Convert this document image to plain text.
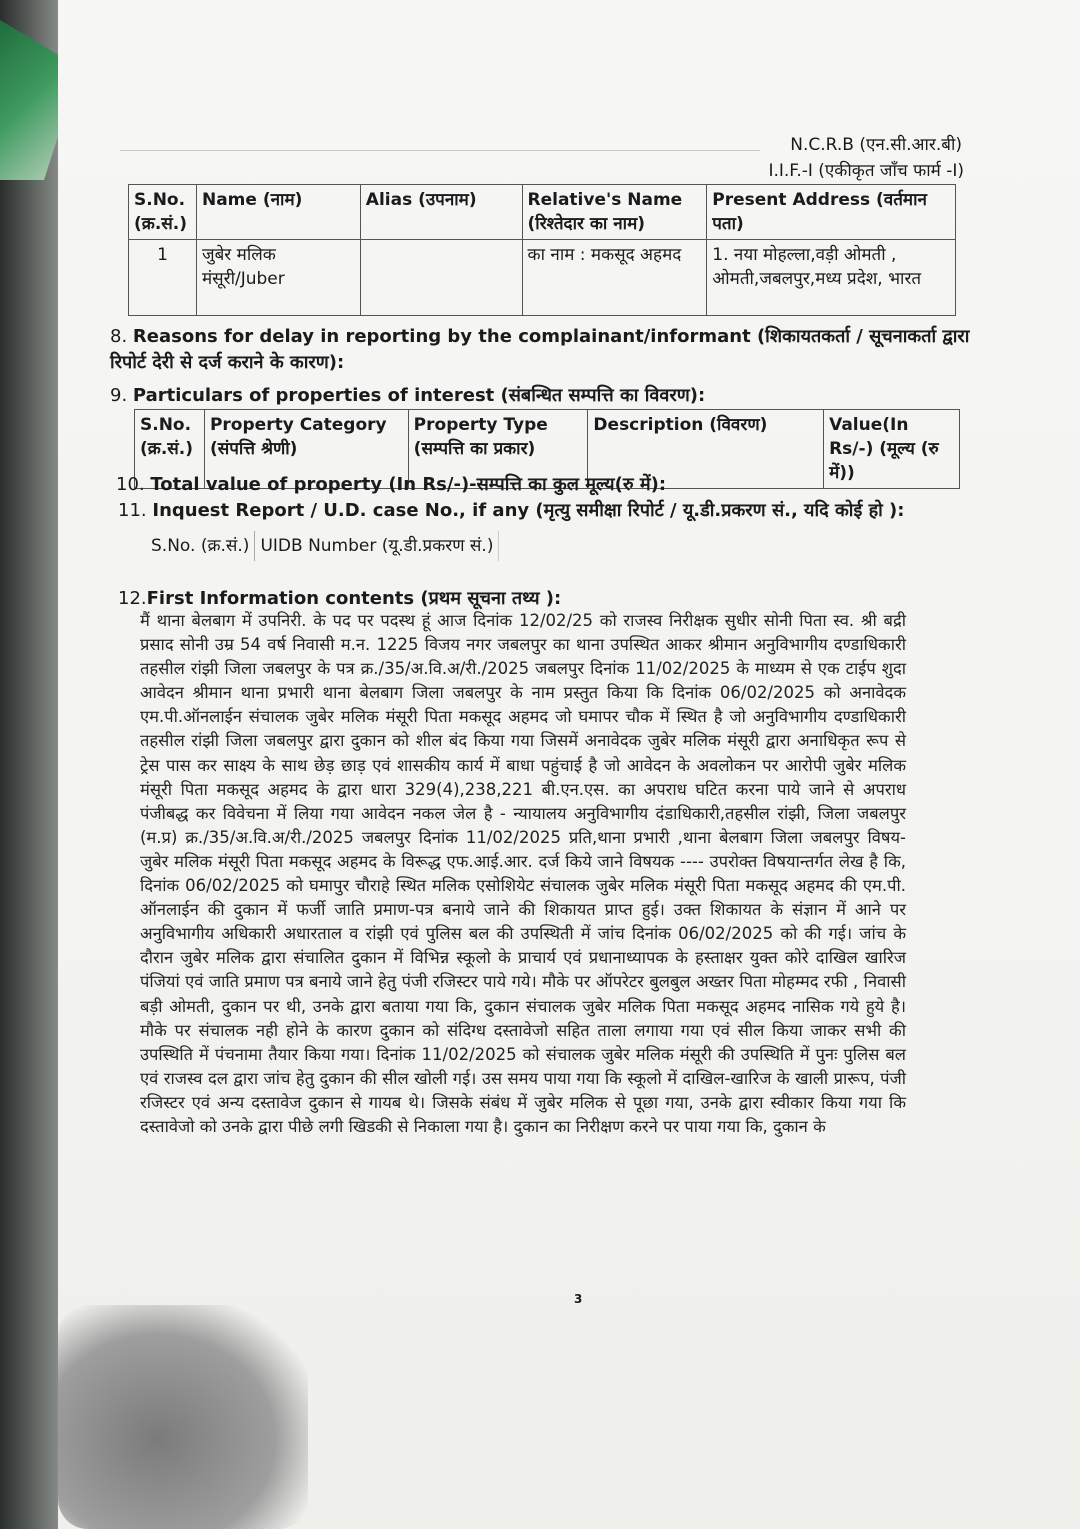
N.C.R.B (एन.सी.आर.बी)
I.I.F.-I (एकीकृत जाँच फार्म -I)
S.No. (क्र.सं.)	Name (नाम)	Alias (उपनाम)	Relative's Name (रिश्तेदार का नाम)	Present Address (वर्तमान पता)
1	जुबेर मलिक मंसूरी/Juber		का नाम : मकसूद अहमद	1. नया मोहल्ला,वड़ी ओमती , ओमती,जबलपुर,मध्य प्रदेश, भारत
8. Reasons for delay in reporting by the complainant/informant (शिकायतकर्ता / सूचनाकर्ता द्वारा रिपोर्ट देरी से दर्ज कराने के कारण):
9. Particulars of properties of interest (संबन्धित सम्पत्ति का विवरण):
S.No. (क्र.सं.)	Property Category (संपत्ति श्रेणी)	Property Type (सम्पत्ति का प्रकार)	Description (विवरण)	Value(In Rs/-) (मूल्य (रु में))
10. Total value of property (In Rs/-)-सम्पत्ति का कुल मूल्य(रु में):
11. Inquest Report / U.D. case No., if any (मृत्यु समीक्षा रिपोर्ट / यू.डी.प्रकरण सं., यदि कोई हो ):
S.No. (क्र.सं.)	UIDB Number (यू.डी.प्रकरण सं.)
12.First Information contents (प्रथम सूचना तथ्य ):
मैं थाना बेलबाग में उपनिरी. के पद पर पदस्थ हूं आज दिनांक 12/02/25 को राजस्व निरीक्षक सुधीर सोनी पिता स्व. श्री बद्री प्रसाद सोनी उम्र 54 वर्ष निवासी म.न. 1225 विजय नगर जबलपुर का थाना उपस्थित आकर श्रीमान अनुविभागीय दण्डाधिकारी तहसील रांझी जिला जबलपुर के पत्र क्र./35/अ.वि.अ/री./2025 जबलपुर दिनांक 11/02/2025 के माध्यम से एक टाईप शुदा आवेदन श्रीमान थाना प्रभारी थाना बेलबाग जिला जबलपुर के नाम प्रस्तुत किया कि दिनांक 06/02/2025 को अनावेदक एम.पी.ऑनलाईन संचालक जुबेर मलिक मंसूरी पिता मकसूद अहमद जो घमापर चौक में स्थित है जो अनुविभागीय दण्डाधिकारी तहसील रांझी जिला जबलपुर द्वारा दुकान को शील बंद किया गया जिसमें अनावेदक जुबेर मलिक मंसूरी द्वारा अनाधिकृत रूप से ट्रेस पास कर साक्ष्य के साथ छेड़ छाड़ एवं शासकीय कार्य में बाधा पहुंचाई है जो आवेदन के अवलोकन पर आरोपी जुबेर मलिक मंसूरी पिता मकसूद अहमद के द्वारा धारा 329(4),238,221 बी.एन.एस. का अपराध घटित करना पाये जाने से अपराध पंजीबद्ध कर विवेचना में लिया गया आवेदन नकल जेल है - न्यायालय अनुविभागीय दंडाधिकारी,तहसील रांझी, जिला जबलपुर (म.प्र) क्र./35/अ.वि.अ/री./2025 जबलपुर दिनांक 11/02/2025 प्रति,थाना प्रभारी ,थाना बेलबाग जिला जबलपुर विषय- जुबेर मलिक मंसूरी पिता मकसूद अहमद के विरूद्ध एफ.आई.आर. दर्ज किये जाने विषयक ---- उपरोक्त विषयान्तर्गत लेख है कि, दिनांक 06/02/2025 को घमापुर चौराहे स्थित मलिक एसोशियेट संचालक जुबेर मलिक मंसूरी पिता मकसूद अहमद की एम.पी. ऑनलाईन की दुकान में फर्जी जाति प्रमाण-पत्र बनाये जाने की शिकायत प्राप्त हुई। उक्त शिकायत के संज्ञान में आने पर अनुविभागीय अधिकारी अधारताल व रांझी एवं पुलिस बल की उपस्थिती में जांच दिनांक 06/02/2025 को की गई। जांच के दौरान जुबेर मलिक द्वारा संचालित दुकान में विभिन्न स्कूलो के प्राचार्य एवं प्रधानाध्यापक के हस्ताक्षर युक्त कोरे दाखिल खारिज पंजियां एवं जाति प्रमाण पत्र बनाये जाने हेतु पंजी रजिस्टर पाये गये। मौके पर ऑपरेटर बुलबुल अख्तर पिता मोहम्मद रफी , निवासी बड़ी ओमती, दुकान पर थी, उनके द्वारा बताया गया कि, दुकान संचालक जुबेर मलिक पिता मकसूद अहमद नासिक गये हुये है। मौके पर संचालक नही होने के कारण दुकान को संदिग्ध दस्तावेजो सहित ताला लगाया गया एवं सील किया जाकर सभी की उपस्थिति में पंचनामा तैयार किया गया। दिनांक 11/02/2025 को संचालक जुबेर मलिक मंसूरी की उपस्थिति में पुनः पुलिस बल एवं राजस्व दल द्वारा जांच हेतु दुकान की सील खोली गई। उस समय पाया गया कि स्कूलो में दाखिल-खारिज के खाली प्रारूप, पंजी रजिस्टर एवं अन्य दस्तावेज दुकान से गायब थे। जिसके संबंध में जुबेर मलिक से पूछा गया, उनके द्वारा स्वीकार किया गया कि दस्तावेजो को उनके द्वारा पीछे लगी खिडकी से निकाला गया है। दुकान का निरीक्षण करने पर पाया गया कि, दुकान के
3
